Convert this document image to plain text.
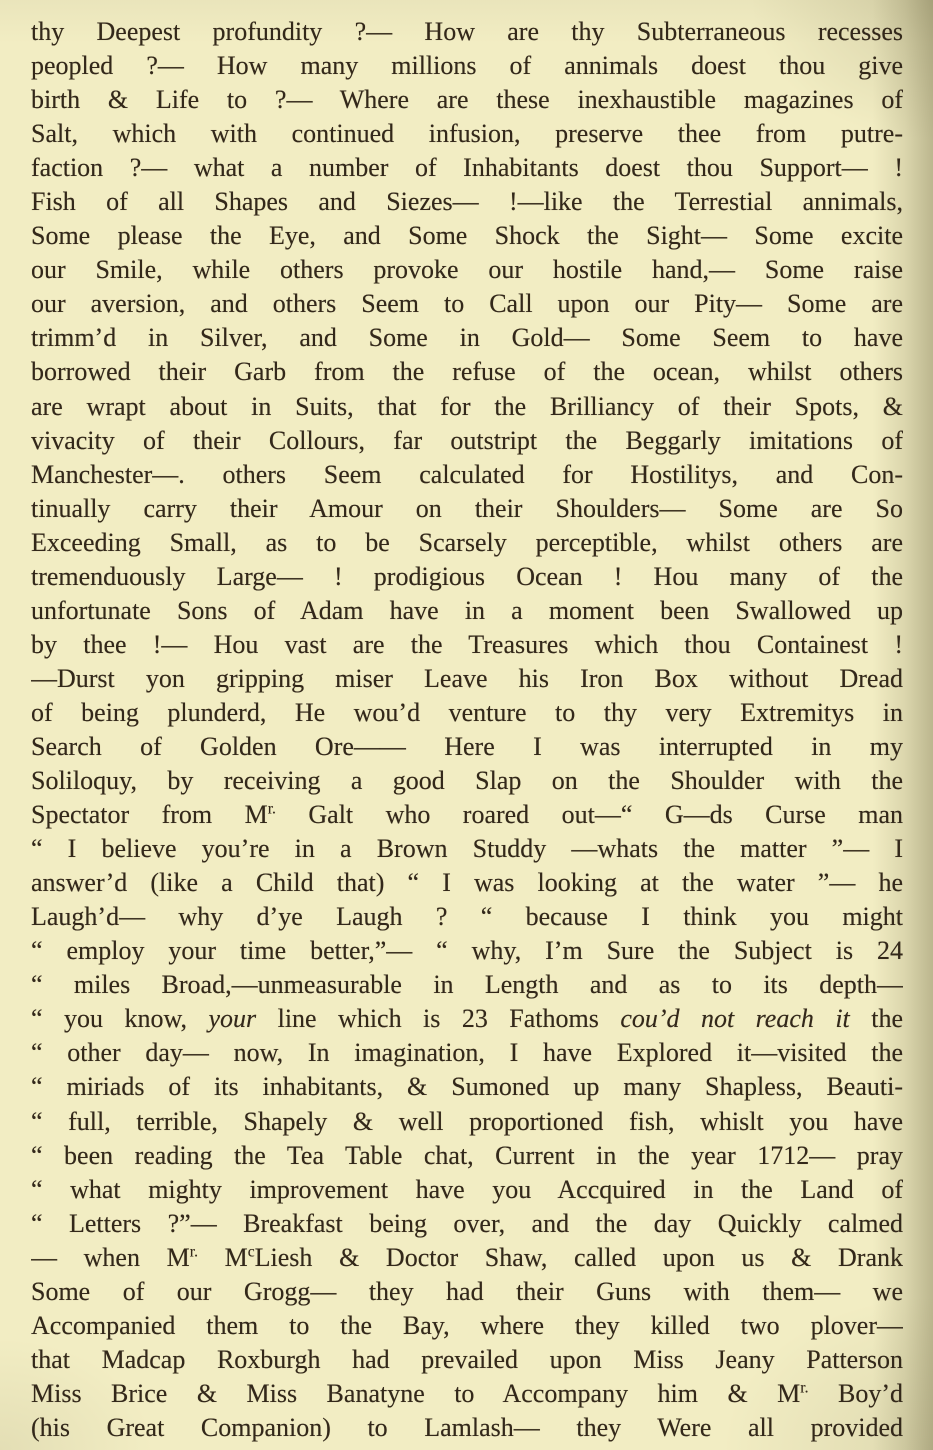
thy Deepest profundity ?— How are thy Subterraneous recesses
peopled ?— How many millions of annimals doest thou give
birth & Life to ?— Where are these inexhaustible magazines of
Salt, which with continued infusion, preserve thee from putre-
faction ?— what a number of Inhabitants doest thou Support— !
Fish of all Shapes and Siezes— !—like the Terrestial annimals,
Some please the Eye, and Some Shock the Sight— Some excite
our Smile, while others provoke our hostile hand,— Some raise
our aversion, and others Seem to Call upon our Pity— Some are
trimm’d in Silver, and Some in Gold— Some Seem to have
borrowed their Garb from the refuse of the ocean, whilst others
are wrapt about in Suits, that for the Brilliancy of their Spots, &
vivacity of their Collours, far outstript the Beggarly imitations of
Manchester—. others Seem calculated for Hostilitys, and Con-
tinually carry their Amour on their Shoulders— Some are So
Exceeding Small, as to be Scarsely perceptible, whilst others are
tremenduously Large— ! prodigious Ocean ! Hou many of the
unfortunate Sons of Adam have in a moment been Swallowed up
by thee !— Hou vast are the Treasures which thou Containest !
—Durst yon gripping miser Leave his Iron Box without Dread
of being plunderd, He wou’d venture to thy very Extremitys in
Search of Golden Ore—— Here I was interrupted in my
Soliloquy, by receiving a good Slap on the Shoulder with the
Spectator from $M^{r.}$ Galt who roared out—“ G—ds Curse man
“ I believe you’re in a Brown Studdy —whats the matter ”— I
answer’d (like a Child that) “ I was looking at the water ”— he
Laugh’d— why d’ye Laugh ? “ because I think you might
“ employ your time better,”— “ why, I’m Sure the Subject is 24
“ miles Broad,—unmeasurable in Length and as to its depth—
“ you know, your line which is 23 Fathoms cou’d not reach it the
“ other day— now, In imagination, I have Explored it—visited the
“ miriads of its inhabitants, & Sumoned up many Shapless, Beauti-
“ full, terrible, Shapely & well proportioned fish, whislt you have
“ been reading the Tea Table chat, Current in the year 1712— pray
“ what mighty improvement have you Accquired in the Land of
“ Letters ?”— Breakfast being over, and the day Quickly calmed
— when $M^{r.}$ $M^cLiesh$ & Doctor Shaw, called upon us & Drank
Some of our Grogg— they had their Guns with them— we
Accompanied them to the Bay, where they killed two plover—
that Madcap Roxburgh had prevailed upon Miss Jeany Patterson
Miss Brice & Miss Banatyne to Accompany him & $M^{r.}$ Boy’d
(his Great Companion) to Lamlash— they Were all provided
